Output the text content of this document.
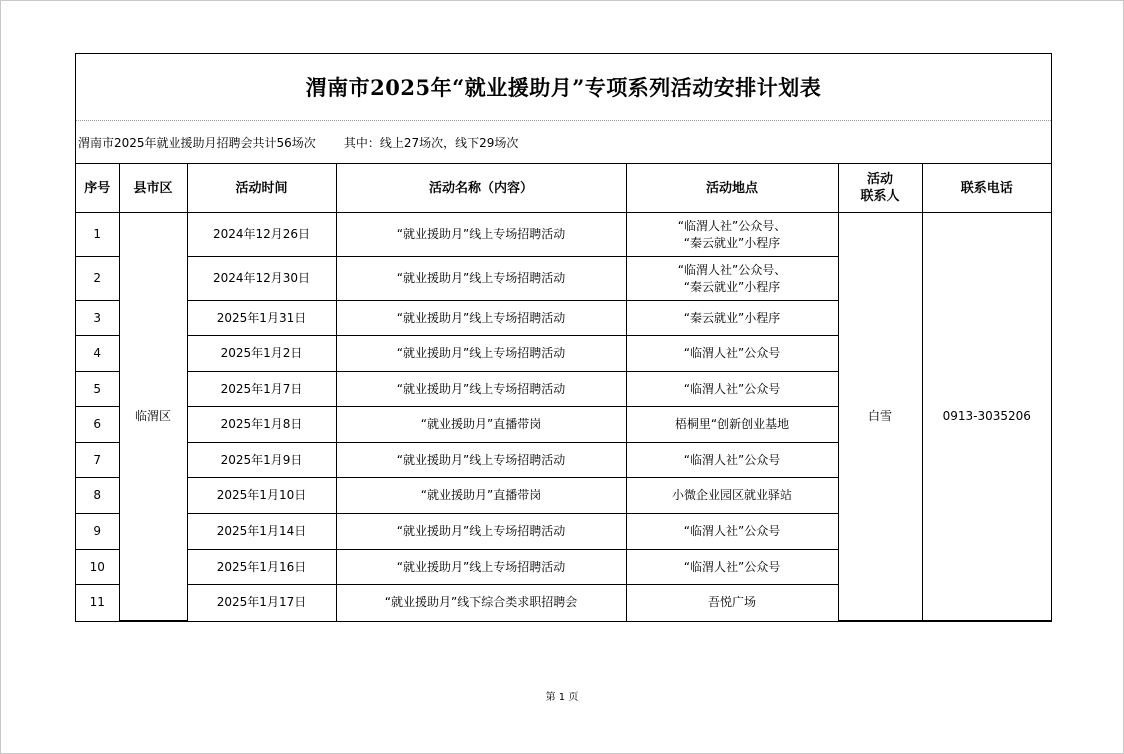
渭南市2025年“就业援助月”专项系列活动安排计划表
渭南市2025年就业援助月招聘会共计56场次 其中：线上27场次，线下29场次
序号	县市区	活动时间	活动名称（内容）	活动地点	活动
联系人	联系电话
1	临渭区	2024年12月26日	“就业援助月”线上专场招聘活动	“临渭人社”公众号、
“秦云就业”小程序	白雪	0913-3035206
2		2024年12月30日	“就业援助月”线上专场招聘活动	“临渭人社”公众号、
“秦云就业”小程序		
3		2025年1月31日	“就业援助月”线上专场招聘活动	“秦云就业”小程序		
4		2025年1月2日	“就业援助月”线上专场招聘活动	“临渭人社”公众号		
5		2025年1月7日	“就业援助月”线上专场招聘活动	“临渭人社”公众号		
6		2025年1月8日	“就业援助月”直播带岗	梧桐里“创新创业基地		
7		2025年1月9日	“就业援助月”线上专场招聘活动	“临渭人社”公众号		
8		2025年1月10日	“就业援助月”直播带岗	小微企业园区就业驿站		
9		2025年1月14日	“就业援助月”线上专场招聘活动	“临渭人社”公众号		
10		2025年1月16日	“就业援助月”线上专场招聘活动	“临渭人社”公众号		
11		2025年1月17日	“就业援助月”线下综合类求职招聘会	吾悦广场		
第 1 页
